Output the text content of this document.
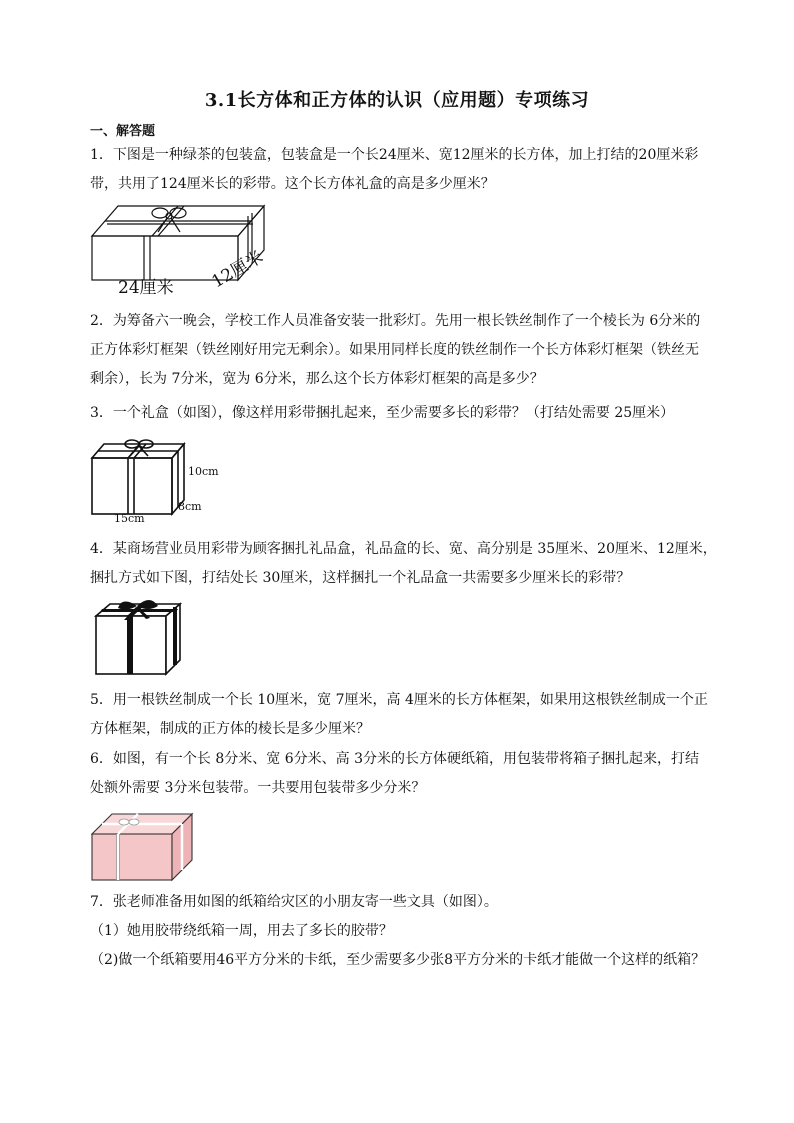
3.1长方体和正方体的认识（应用题）专项练习
一、解答题

1．下图是一种绿茶的包装盒，包装盒是一个长24厘米、宽12厘米的长方体，加上打结的20厘米彩
带，共用了124厘米长的彩带。这个长方体礼盒的高是多少厘米？

24厘米 12厘米

2．为筹备六一晚会，学校工作人员准备安装一批彩灯。先用一根长铁丝制作了一个棱长为 6分米的
正方体彩灯框架（铁丝刚好用完无剩余）。如果用同样长度的铁丝制作一个长方体彩灯框架（铁丝无
剩余），长为 7分米，宽为 6分米，那么这个长方体彩灯框架的高是多少？

3．一个礼盒（如图），像这样用彩带捆扎起来，至少需要多长的彩带？（打结处需要 25厘米）

10cm
8cm
15cm

4．某商场营业员用彩带为顾客捆扎礼品盒，礼品盒的长、宽、高分别是 35厘米、20厘米、12厘米，
捆扎方式如下图，打结处长 30厘米，这样捆扎一个礼品盒一共需要多少厘米长的彩带？

5．用一根铁丝制成一个长 10厘米，宽 7厘米，高 4厘米的长方体框架，如果用这根铁丝制成一个正
方体框架，制成的正方体的棱长是多少厘米？

6．如图，有一个长 8分米、宽 6分米、高 3分米的长方体硬纸箱，用包装带将箱子捆扎起来，打结
处额外需要 3分米包装带。一共要用包装带多少分米？

7．张老师准备用如图的纸箱给灾区的小朋友寄一些文具（如图）。
（1）她用胶带绕纸箱一周，用去了多长的胶带？
（2)做一个纸箱要用46平方分米的卡纸，至少需要多少张8平方分米的卡纸才能做一个这样的纸箱？
